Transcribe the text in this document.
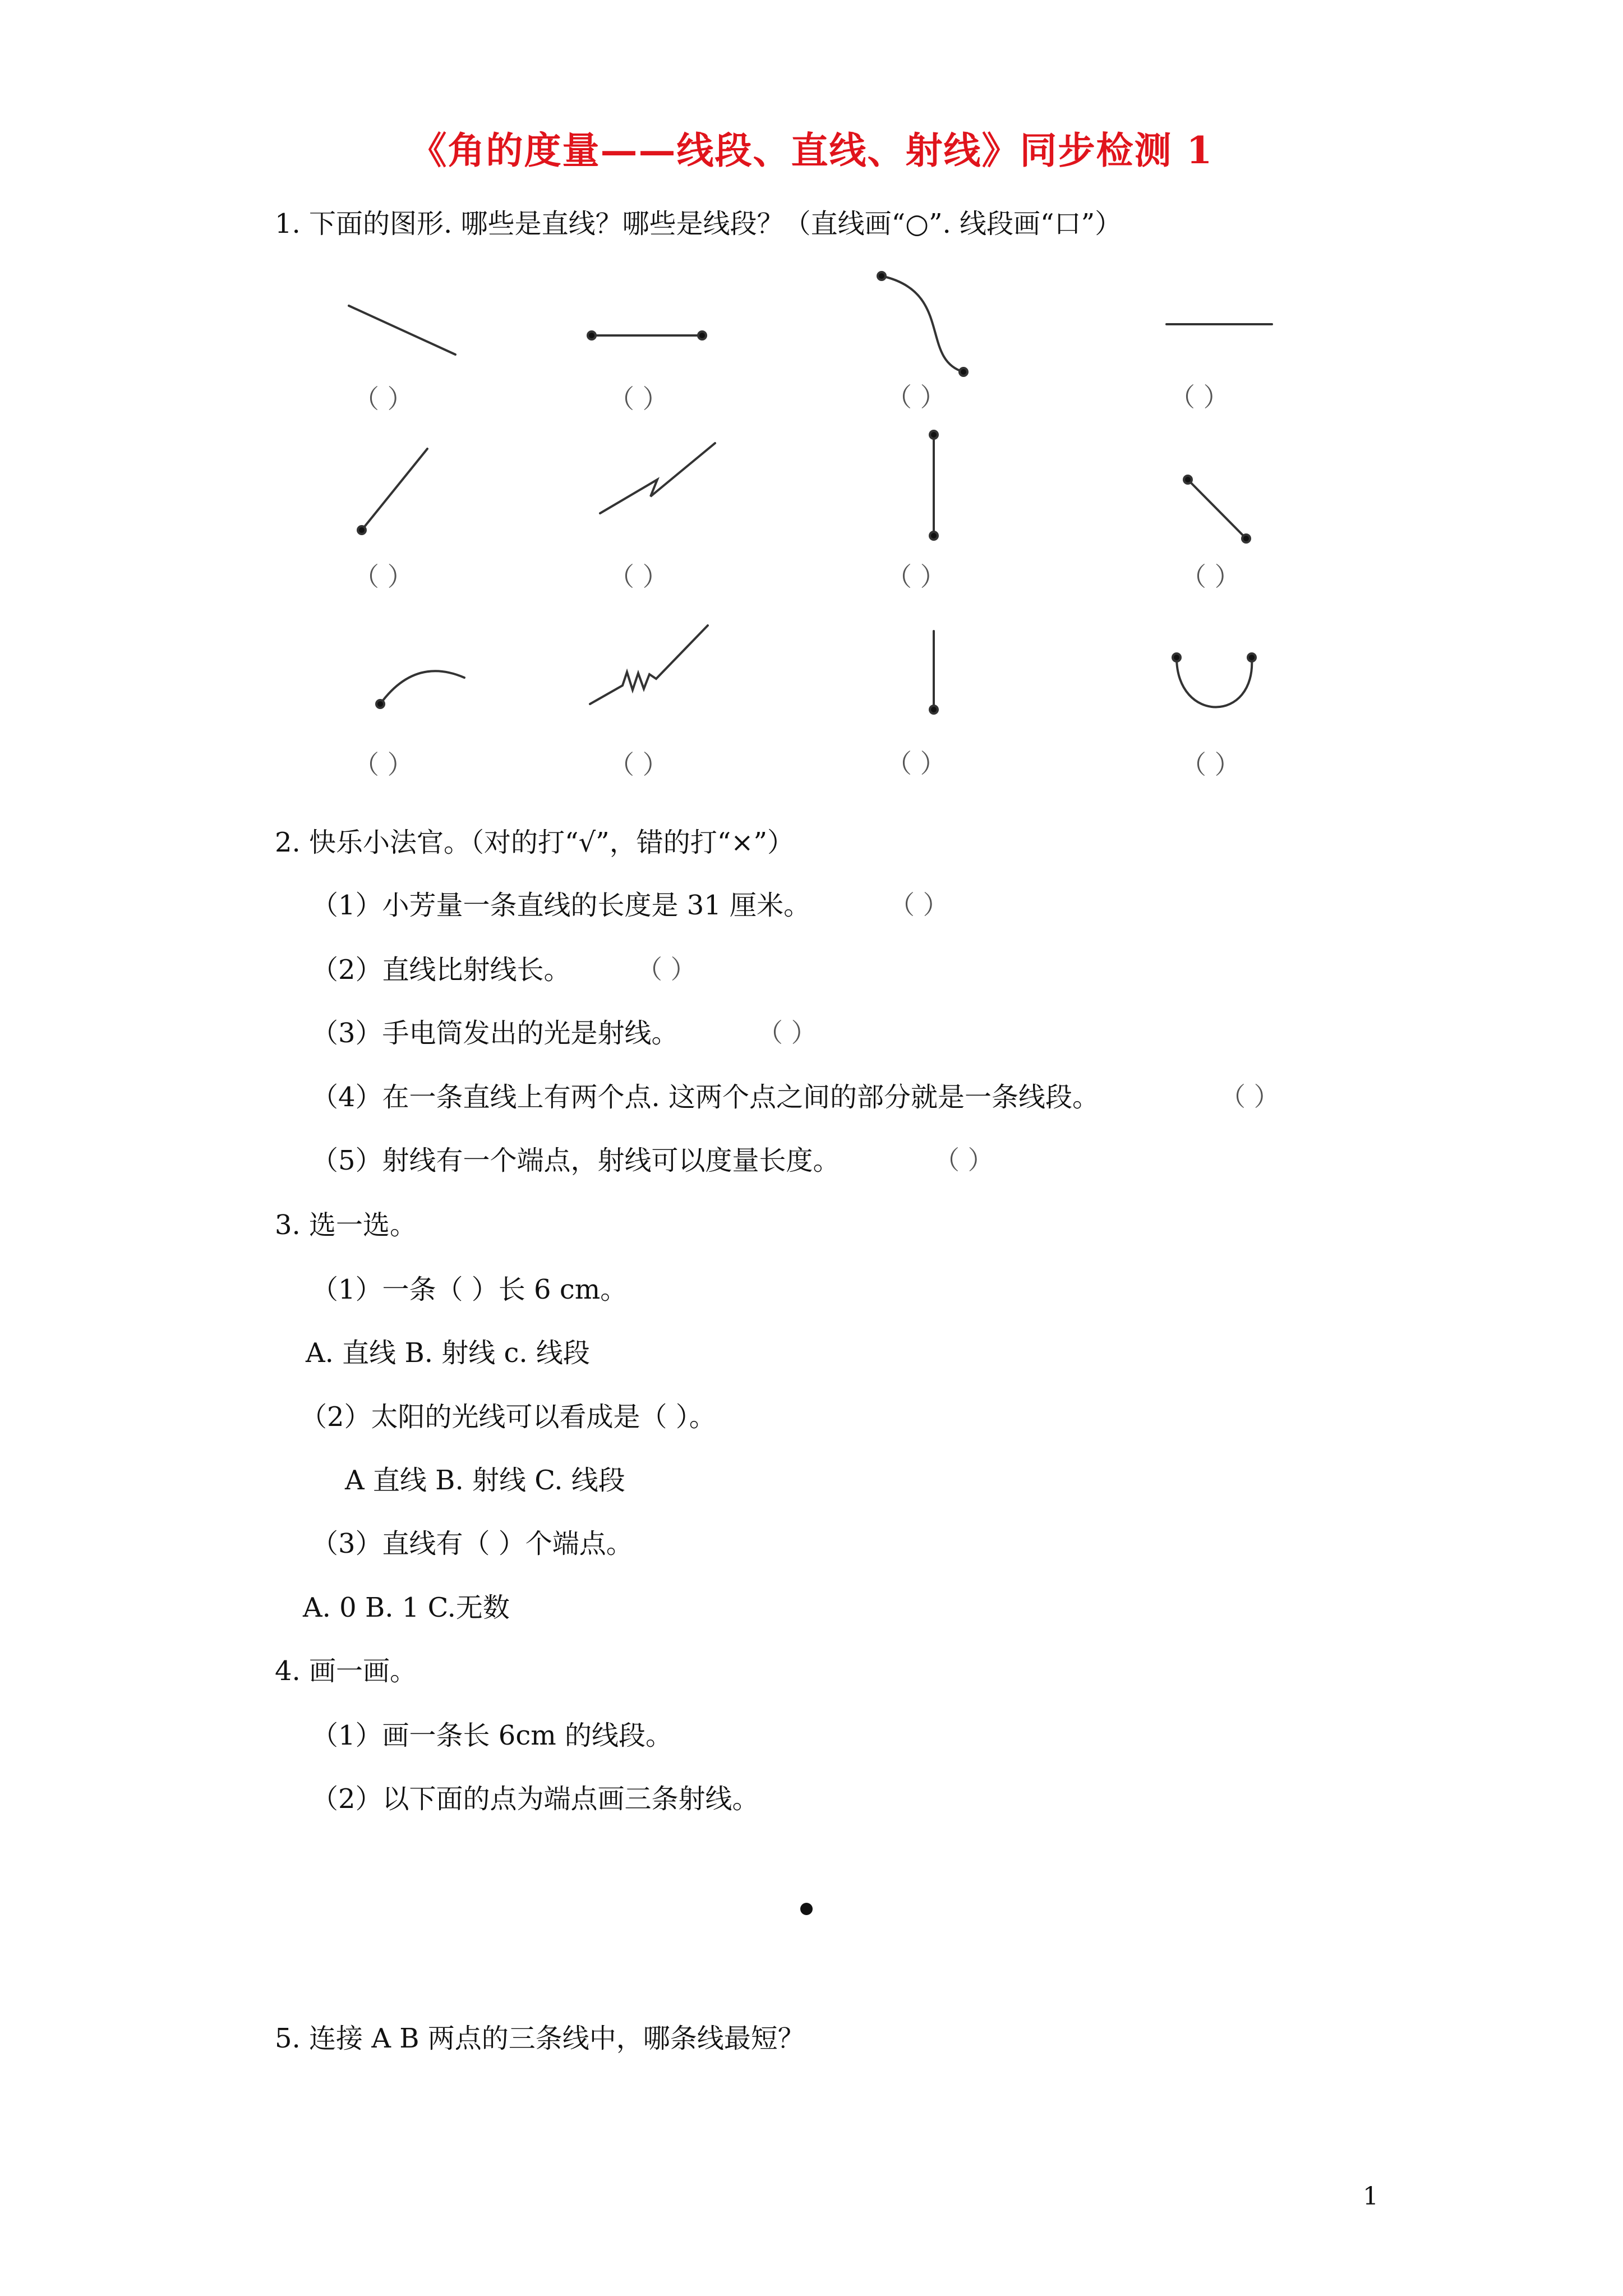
《角的度量——线段、直线、射线》同步检测 1
1. 下面的图形. 哪些是直线？哪些是线段？（直线画“○”. 线段画“口”）
（ ）	（ ）	（ ）	（ ）
（ ）	（ ）	（ ）	（ ）
（ ）	（ ）	（ ）	（ ）
2. 快乐小法官。（对的打“√”，错的打“×”）
（1）小芳量一条直线的长度是 31 厘米。	（ ）
（2）直线比射线长。	（ ）
（3）手电筒发出的光是射线。	（ ）
（4）在一条直线上有两个点. 这两个点之间的部分就是一条线段。	（ ）
（5）射线有一个端点，射线可以度量长度。	（ ）
3. 选一选。
（1）一条（ ）长 6 cm。
A. 直线 B. 射线 c. 线段
（2）太阳的光线可以看成是（ ）。
A 直线 B. 射线 C. 线段
（3）直线有（ ）个端点。
A. 0 B. 1 C.无数
4. 画一画。
（1）画一条长 6cm 的线段。
（2）以下面的点为端点画三条射线。
5. 连接 A B 两点的三条线中，哪条线最短？
1
